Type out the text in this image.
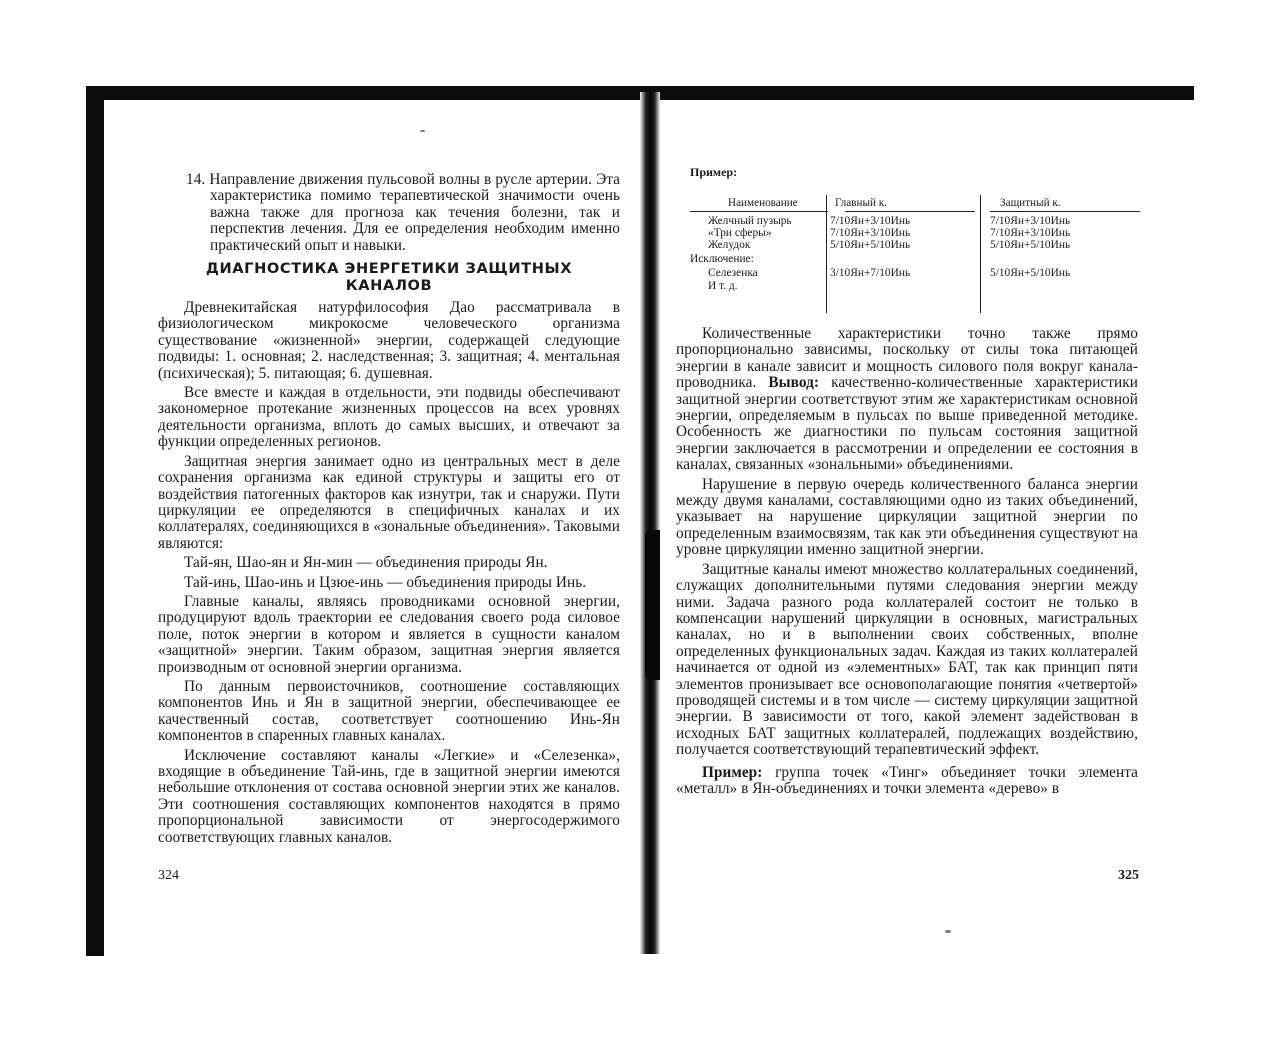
14. Направление движения пульсовой волны в русле артерии. Эта характеристика помимо терапевтической значимости очень важна также для прогноза как течения болезни, так и перспектив лечения. Для ее определения необходим именно практический опыт и навыки.

ДИАГНОСТИКА ЭНЕРГЕТИКИ ЗАЩИТНЫХ
КАНАЛОВ

Древнекитайская натурфилософия Дао рассматривала в физиологическом микрокосме человеческого организма существование «жизненной» энергии, содержащей следующие подвиды: 1. основная; 2. наследственная; 3. защитная; 4. ментальная (психическая); 5. питающая; 6. душевная.

Все вместе и каждая в отдельности, эти подвиды обеспечивают закономерное протекание жизненных процессов на всех уровнях деятельности организма, вплоть до самых высших, и отвечают за функции определенных регионов.

Защитная энергия занимает одно из центральных мест в деле сохранения организма как единой структуры и защиты его от воздействия патогенных факторов как изнутри, так и снаружи. Пути циркуляции ее определяются в специфичных каналах и их коллатералях, соединяющихся в «зональные объединения». Таковыми являются:

Тай-ян, Шао-ян и Ян-мин — объединения природы Ян.

Тай-инь, Шао-инь и Цзюе-инь — объединения природы Инь.

Главные каналы, являясь проводниками основной энергии, продуцируют вдоль траектории ее следования своего рода силовое поле, поток энергии в котором и является в сущности каналом «защитной» энергии. Таким образом, защитная энергия является производным от основной энергии организма.

По данным первоисточников, соотношение составляющих компонентов Инь и Ян в защитной энергии, обеспечивающее ее качественный состав, соответствует соотношению Инь-Ян компонентов в спаренных главных каналах.

Исключение составляют каналы «Легкие» и «Селезенка», входящие в объединение Тай-инь, где в защитной энергии имеются небольшие отклонения от состава основной энергии этих же каналов. Эти соотношения составляющих компонентов находятся в прямо пропорциональной зависимости от энергосодержимого соответствующих главных каналов.

324
Пример:
Наименование	Главный к.	Защитный к.
Желчный пузырь	7/10Ян+3/10Инь	7/10Ян+3/10Инь
«Три сферы»	7/10Ян+3/10Инь	7/10Ян+3/10Инь
Желудок	5/10Ян+5/10Инь	5/10Ян+5/10Инь
Исключение:
Селезенка	3/10Ян+7/10Инь	5/10Ян+5/10Инь
И т. д.

Количественные характеристики точно также прямо пропорционально зависимы, поскольку от силы тока питающей энергии в канале зависит и мощность силового поля вокруг канала-проводника. Вывод: качественно-количественные характеристики защитной энергии соответствуют этим же характеристикам основной энергии, определяемым в пульсах по выше приведенной методике. Особенность же диагностики по пульсам состояния защитной энергии заключается в рассмотрении и определении ее состояния в каналах, связанных «зональными» объединениями.

Нарушение в первую очередь количественного баланса энергии между двумя каналами, составляющими одно из таких объединений, указывает на нарушение циркуляции защитной энергии по определенным взаимосвязям, так как эти объединения существуют на уровне циркуляции именно защитной энергии.

Защитные каналы имеют множество коллатеральных соединений, служащих дополнительными путями следования энергии между ними. Задача разного рода коллатералей состоит не только в компенсации нарушений циркуляции в основных, магистральных каналах, но и в выполнении своих собственных, вполне определенных функциональных задач. Каждая из таких коллатералей начинается от одной из «элементных» БАТ, так как принцип пяти элементов пронизывает все основополагающие понятия «четвертой» проводящей системы и в том числе — систему циркуляции защитной энергии. В зависимости от того, какой элемент задействован в исходных БАТ защитных коллатералей, подлежащих воздействию, получается соответствующий терапевтический эффект.

Пример: группа точек «Тинг» объединяет точки элемента «металл» в Ян-объединениях и точки элемента «дерево» в

325
